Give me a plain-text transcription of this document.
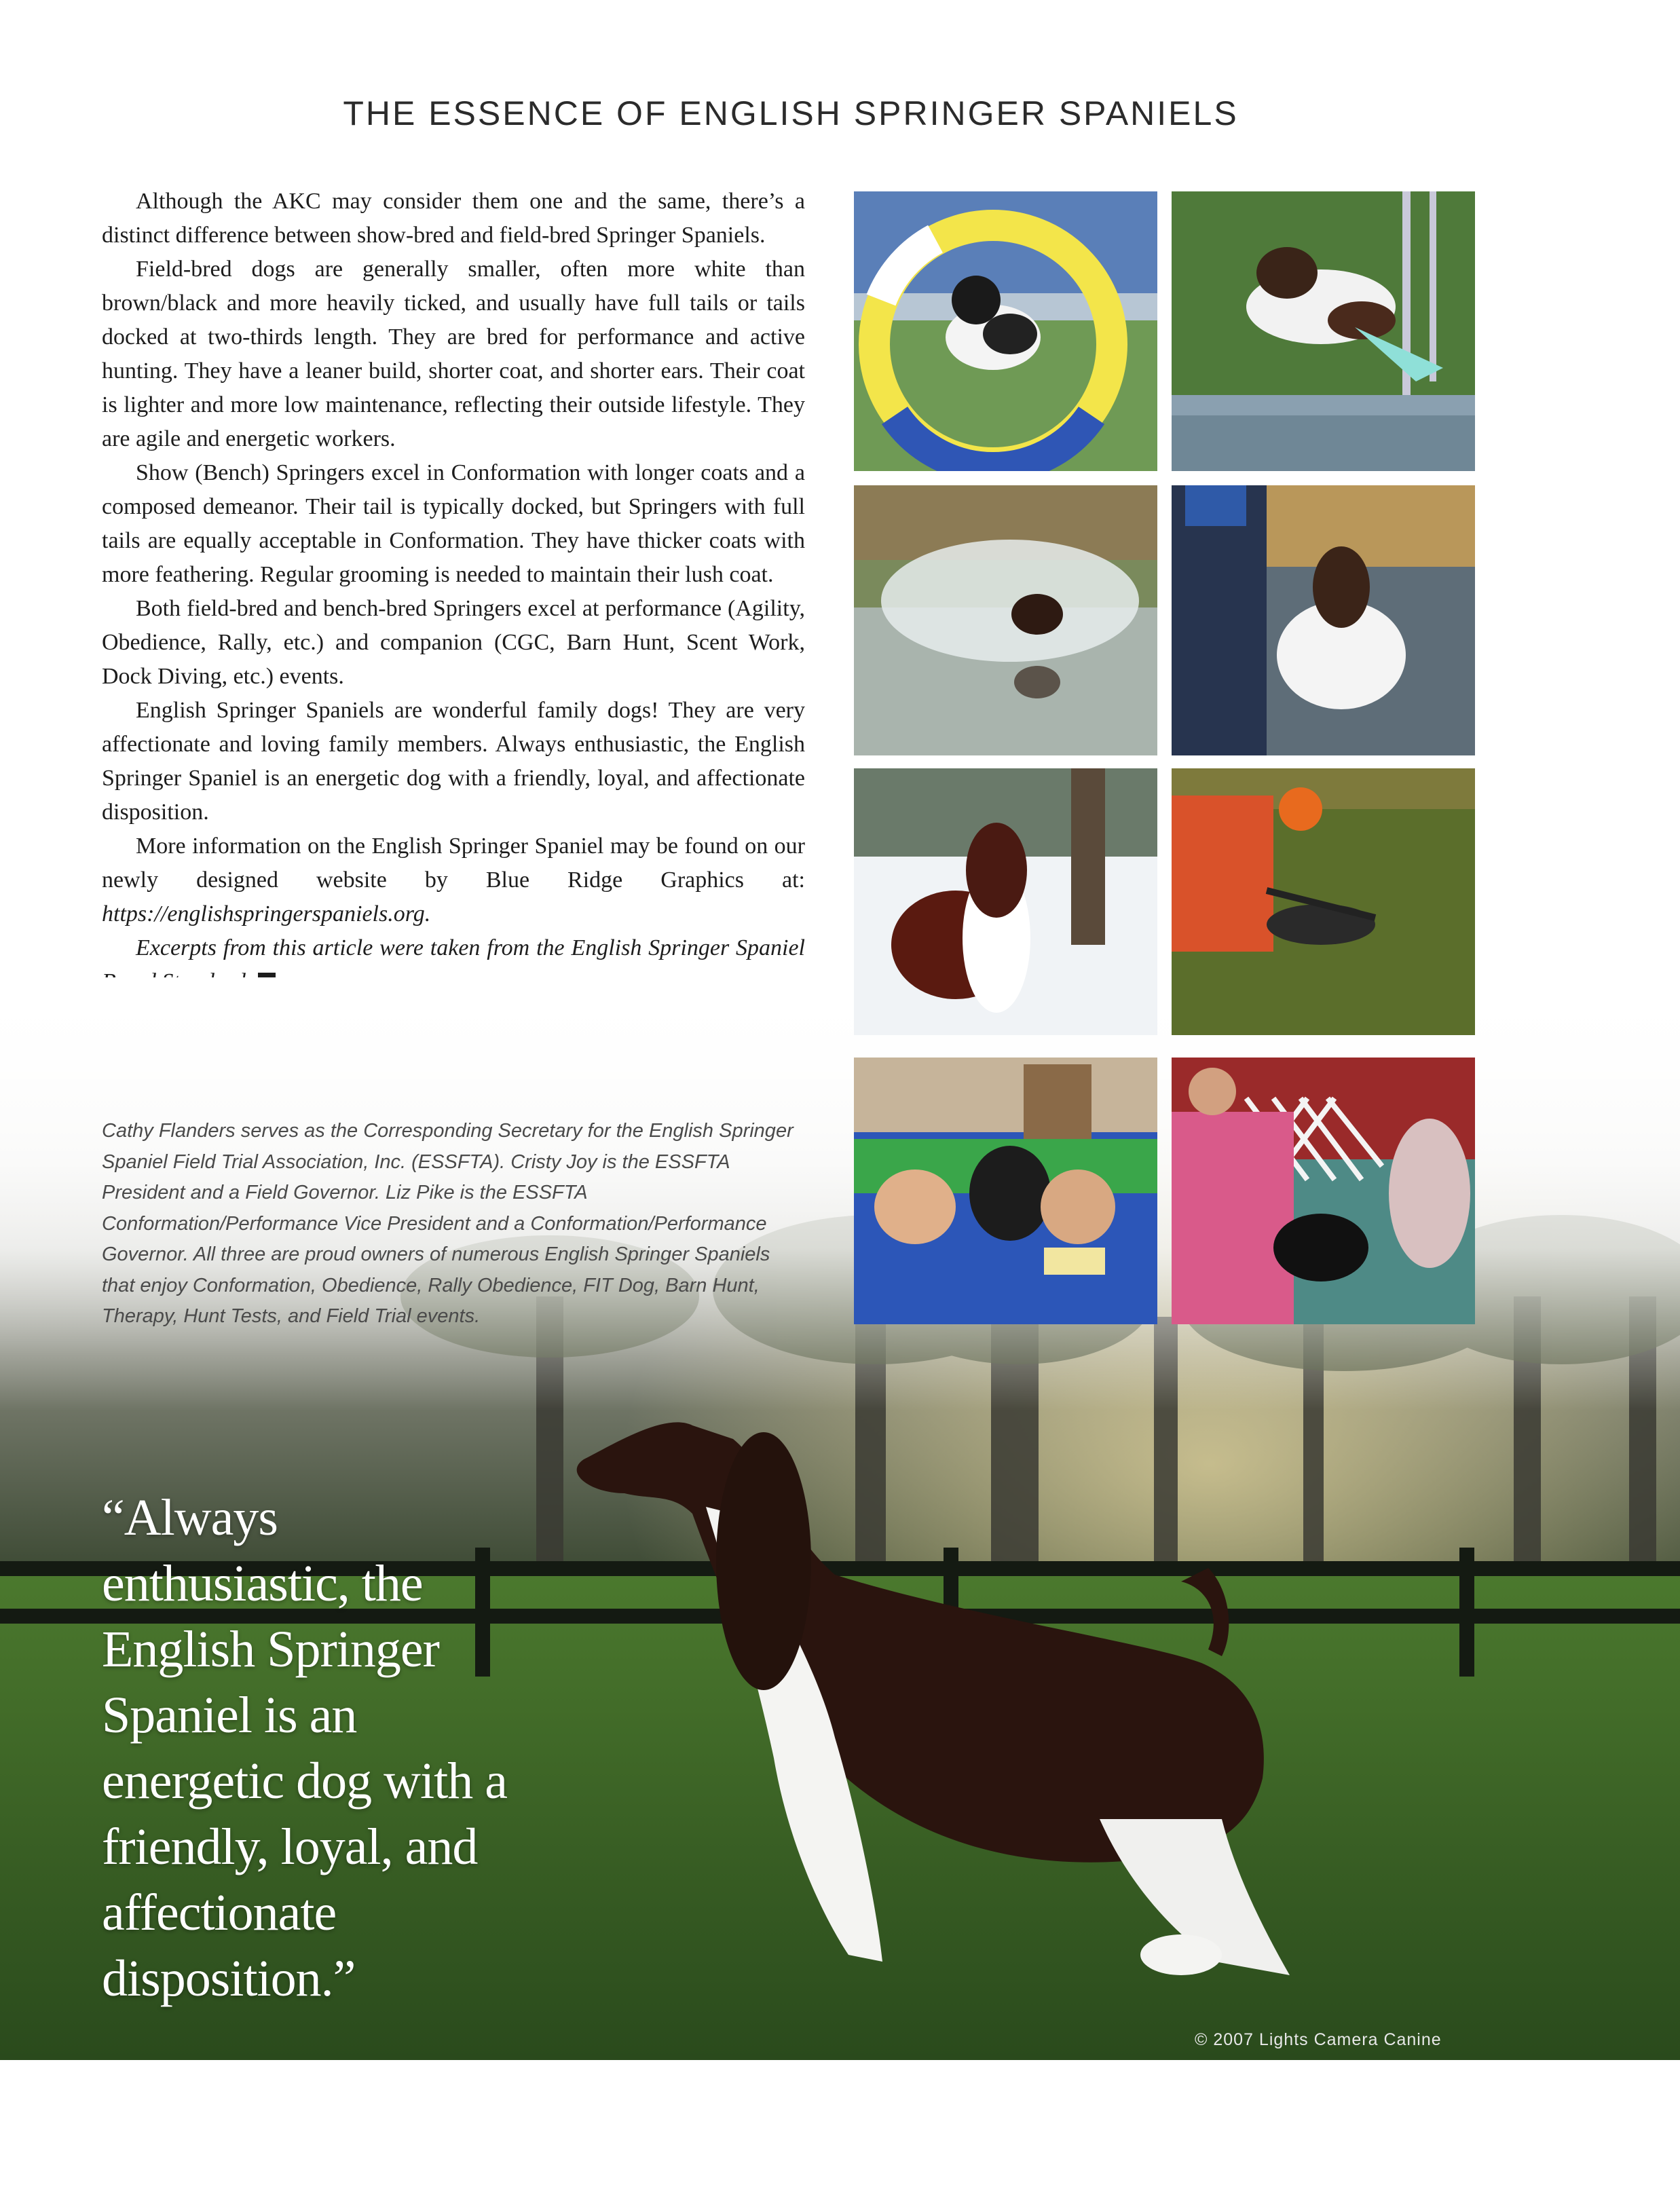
THE ESSENCE OF ENGLISH SPRINGER SPANIELS

Although the AKC may consider them one and the same, there’s a distinct difference between show-bred and field-bred Springer Spaniels.

Field-bred dogs are generally smaller, often more white than brown/black and more heavily ticked, and usually have full tails or tails docked at two-thirds length. They are bred for performance and active hunting. They have a leaner build, shorter coat, and shorter ears. Their coat is lighter and more low maintenance, reflecting their outside lifestyle. They are agile and energetic workers.

Show (Bench) Springers excel in Conformation with longer coats and a composed demeanor. Their tail is typically docked, but Springers with full tails are equally acceptable in Conformation. They have thicker coats with more feathering. Regular grooming is needed to maintain their lush coat.

Both field-bred and bench-bred Springers excel at performance (Agility, Obedience, Rally, etc.) and companion (CGC, Barn Hunt, Scent Work, Dock Diving, etc.) events.

English Springer Spaniels are wonderful family dogs! They are very affectionate and loving family members. Always enthusiastic, the English Springer Spaniel is an energetic dog with a friendly, loyal, and affectionate disposition.

More information on the English Springer Spaniel may be found on our newly designed website by Blue Ridge Graphics at: https://englishspringerspaniels.org.

Excerpts from this article were taken from the English Springer Spaniel

Cathy Flanders serves as the Corresponding Secretary for the English Springer Spaniel Field Trial Association, Inc. (ESSFTA). Cristy Joy is the ESSFTA President and a Field Governor. Liz Pike is the ESSFTA Conformation/Performance Vice President and a Conformation/Performance Governor. All three are proud owners of numerous English Springer Spaniels that enjoy Conformation, Obedience, Rally Obedience, FIT Dog, Barn Hunt, Therapy, Hunt Tests, and Field Trial events.

“Always enthusiastic, the English Springer Spaniel is an energetic dog with a friendly, loyal, and affectionate disposition.”

© 2007 Lights Camera Canine
